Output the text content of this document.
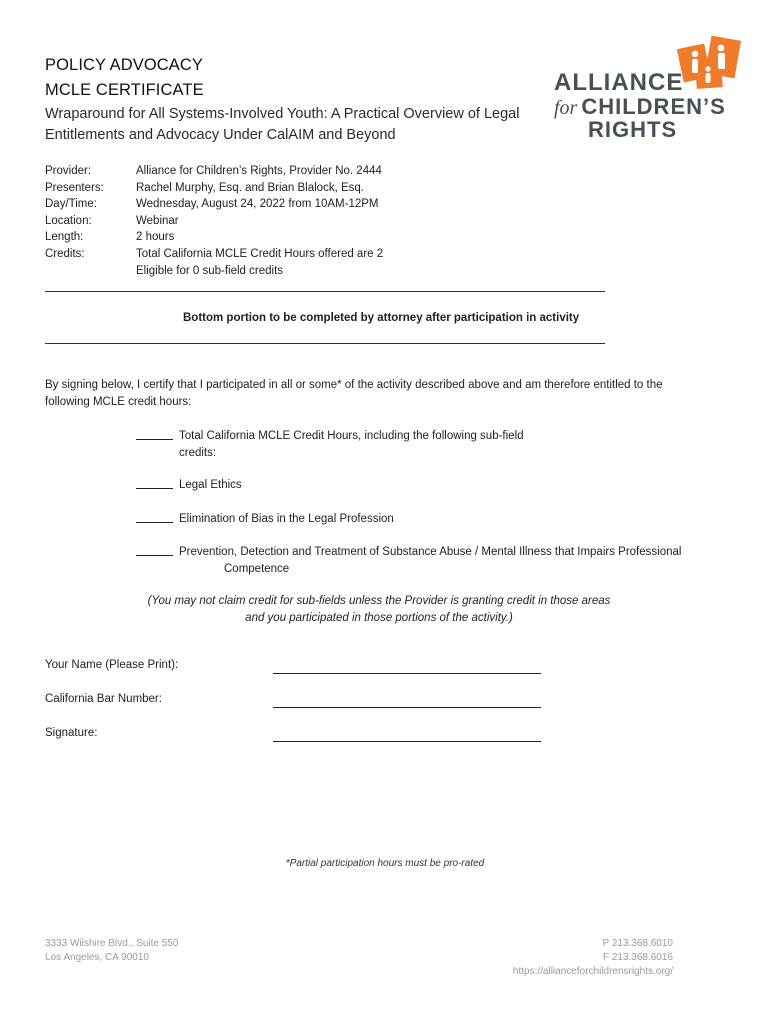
POLICY ADVOCACY
MCLE CERTIFICATE
Wraparound for All Systems-Involved Youth: A Practical Overview of Legal
Entitlements and Advocacy Under CalAIM and Beyond
ALLIANCE
for CHILDREN’S
RIGHTS
Provider:	Alliance for Children’s Rights, Provider No. 2444
Presenters:	Rachel Murphy, Esq. and Brian Blalock, Esq.
Day/Time:	Wednesday, August 24, 2022 from 10AM-12PM
Location:	Webinar
Length:	2 hours
Credits:	Total California MCLE Credit Hours offered are 2
Eligible for 0 sub-field credits
Bottom portion to be completed by attorney after participation in activity
By signing below, I certify that I participated in all or some* of the activity described above and am therefore entitled to the
following MCLE credit hours:
Total California MCLE Credit Hours, including the following sub-field
credits:
Legal Ethics
Elimination of Bias in the Legal Profession
Prevention, Detection and Treatment of Substance Abuse / Mental Illness that Impairs Professional
Competence
(You may not claim credit for sub-fields unless the Provider is granting credit in those areas
and you participated in those portions of the activity.)
Your Name (Please Print):
California Bar Number:
Signature:
*Partial participation hours must be pro-rated
3333 Wilshire Blvd., Suite 550
Los Angeles, CA 90010
P 213.368.6010
F 213.368.6016
https://allianceforchildrensrights.org/
